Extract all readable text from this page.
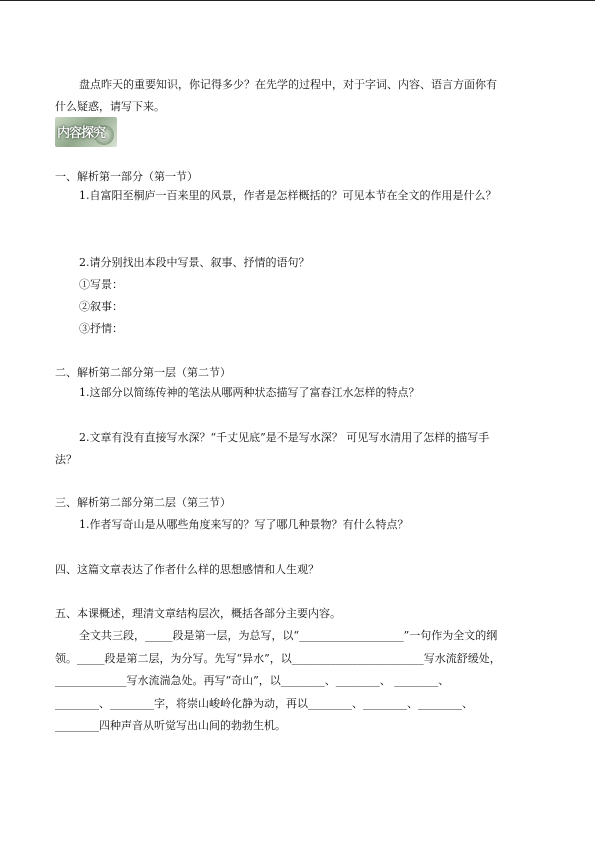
盘点昨天的重要知识，你记得多少？在先学的过程中，对于字词、内容、语言方面你有
什么疑惑，请写下来。
内容探究
一、解析第一部分（第一节）
1.自富阳至桐庐一百来里的风景，作者是怎样概括的？可见本节在全文的作用是什么？
2.请分别找出本段中写景、叙事、抒情的语句？
①写景：
②叙事：
③抒情：
二、解析第二部分第一层（第二节）
1.这部分以简练传神的笔法从哪两种状态描写了富春江水怎样的特点？
2.文章有没有直接写水深？“千丈见底”是不是写水深？ 可见写水清用了怎样的描写手
法？
三、解析第二部分第二层（第三节）
1.作者写奇山是从哪些角度来写的？写了哪几种景物？有什么特点？
四、这篇文章表达了作者什么样的思想感情和人生观？
五、本课概述，理清文章结构层次，概括各部分主要内容。
全文共三段，_____段是第一层，为总写，以“___________________”一句作为全文的纲
领。_____段是第二层，为分写。先写“异水”，以________________________写水流舒缓处，
_____________写水流湍急处。再写“奇山”，以________、________、 ________、
________、________字，将崇山峻岭化静为动，再以________、________、________、
________四种声音从听觉写出山间的勃勃生机。
